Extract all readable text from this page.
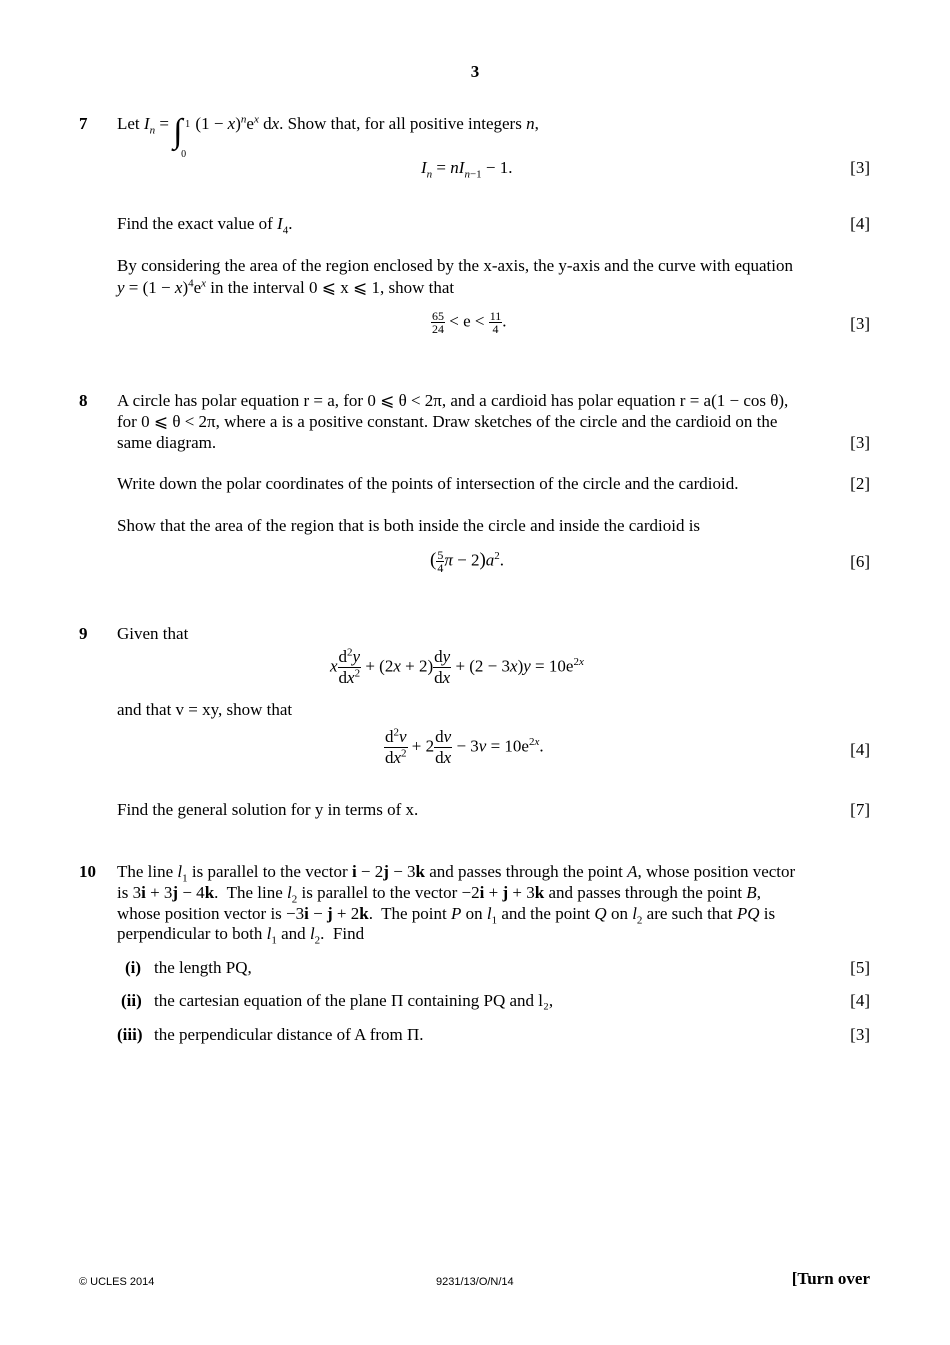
3
7 Let $I_n$ = ∫ 1
0
$(1 - x)^ne^x$ dx. Show that, for all positive integers n,
$I_n = nI_{n-1} - 1$.	[3]
Find the exact value of $I_4$.	[4]
By considering the area of the region enclosed by the x-axis, the y-axis and the curve with equation
$y = (1 - x)^4e^x$ in the interval 0 ⩽ x ⩽ 1, show that
$\frac{65}{24} < e < \frac{11}{4}$ .	[3]
8 A circle has polar equation r = a, for 0 ⩽ θ < 2π, and a cardioid has polar equation r = a(1 − cos θ),
for 0 ⩽ θ < 2π, where a is a positive constant. Draw sketches of the circle and the cardioid on the
same diagram.	[3]
Write down the polar coordinates of the points of intersection of the circle and the cardioid.	[2]
Show that the area of the region that is both inside the circle and inside the cardioid is
( $\frac{5}{4}$ $\pi - 2)a^2$.	[6]
9 Given that
x $\frac{d^2y}{dx^2} + (2x + 2) \frac{dy}{dx} + (2 - 3x)y = 10e^{2x}$
and that v = xy, show that
$\frac{d^2v}{dx^2} + 2 \frac{dv}{dx} - 3v = 10e^{2x}$.	[4]
Find the general solution for y in terms of x.	[7]
10 The line $l_1$ is parallel to the vector i − 2j − 3k and passes through the point A, whose position vector
is 3i + 3j − 4k.  The line $l_2$ is parallel to the vector −2i + j + 3k and passes through the point B,
whose position vector is −3i − j + 2k.  The point P on $l_1$ and the point Q on $l_2$ are such that PQ is
perpendicular to both $l_1$ and $l_2$.  Find
(i) the length PQ,	[5]
(ii) the cartesian equation of the plane Π containing PQ and l₂,	[4]
(iii) the perpendicular distance of A from Π.	[3]
© UCLES 2014	9231/13/O/N/14	[Turn over
